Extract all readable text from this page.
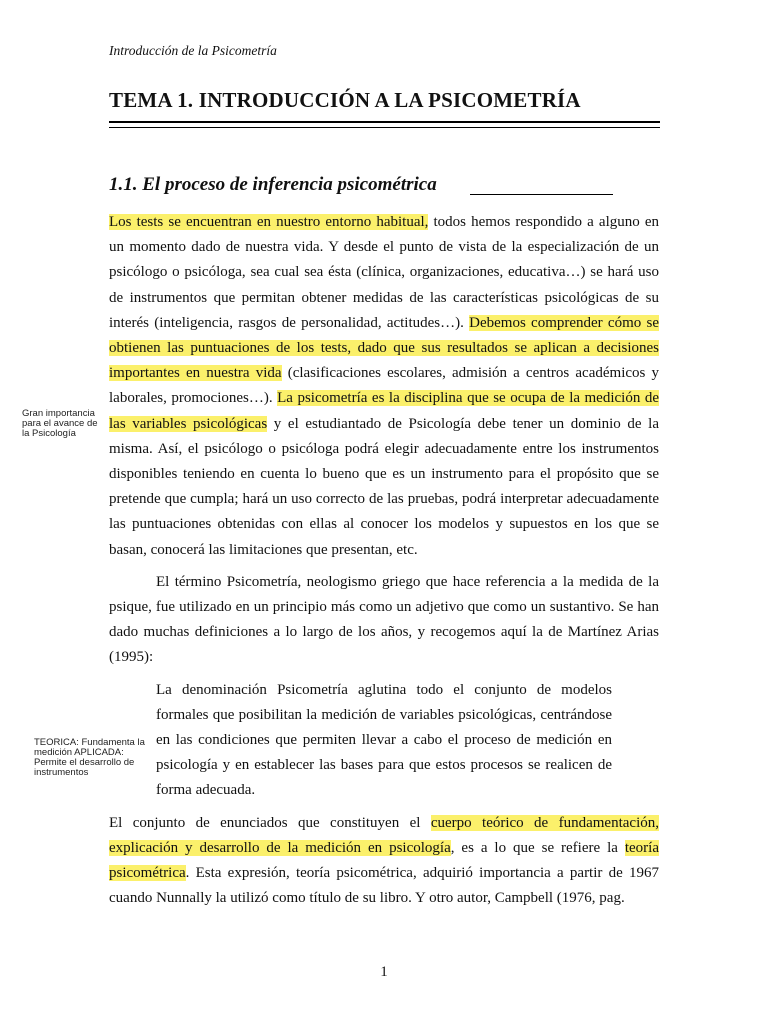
Introducción de la Psicometría
TEMA 1. INTRODUCCIÓN A LA PSICOMETRÍA
1.1. El proceso de inferencia psicométrica

Los tests se encuentran en nuestro entorno habitual, todos hemos respondido a alguno en un momento dado de nuestra vida. Y desde el punto de vista de la especialización de un psicólogo o psicóloga, sea cual sea ésta (clínica, organizaciones, educativa…) se hará uso de instrumentos que permitan obtener medidas de las características psicológicas de su interés (inteligencia, rasgos de personalidad, actitudes…). Debemos comprender cómo se obtienen las puntuaciones de los tests, dado que sus resultados se aplican a decisiones importantes en nuestra vida (clasificaciones escolares, admisión a centros académicos y laborales, promociones…). La psicometría es la disciplina que se ocupa de la medición de las variables psicológicas y el estudiantado de Psicología debe tener un dominio de la misma. Así, el psicólogo o psicóloga podrá elegir adecuadamente entre los instrumentos disponibles teniendo en cuenta lo bueno que es un instrumento para el propósito que se pretende que cumpla; hará un uso correcto de las pruebas, podrá interpretar adecuadamente las puntuaciones obtenidas con ellas al conocer los modelos y supuestos en los que se basan, conocerá las limitaciones que presentan, etc.

El término Psicometría, neologismo griego que hace referencia a la medida de la psique, fue utilizado en un principio más como un adjetivo que como un sustantivo. Se han dado muchas definiciones a lo largo de los años, y recogemos aquí la de Martínez Arias (1995):

La denominación Psicometría aglutina todo el conjunto de modelos formales que posibilitan la medición de variables psicológicas, centrándose en las condiciones que permiten llevar a cabo el proceso de medición en psicología y en establecer las bases para que estos procesos se realicen de forma adecuada.

El conjunto de enunciados que constituyen el cuerpo teórico de fundamentación, explicación y desarrollo de la medición en psicología, es a lo que se refiere la teoría psicométrica. Esta expresión, teoría psicométrica, adquirió importancia a partir de 1967 cuando Nunnally la utilizó como título de su libro. Y otro autor, Campbell (1976, pag.

Gran importancia para el avance de la Psicología
TEORICA: Fundamenta la medición APLICADA: Permite el desarrollo de instrumentos
1
